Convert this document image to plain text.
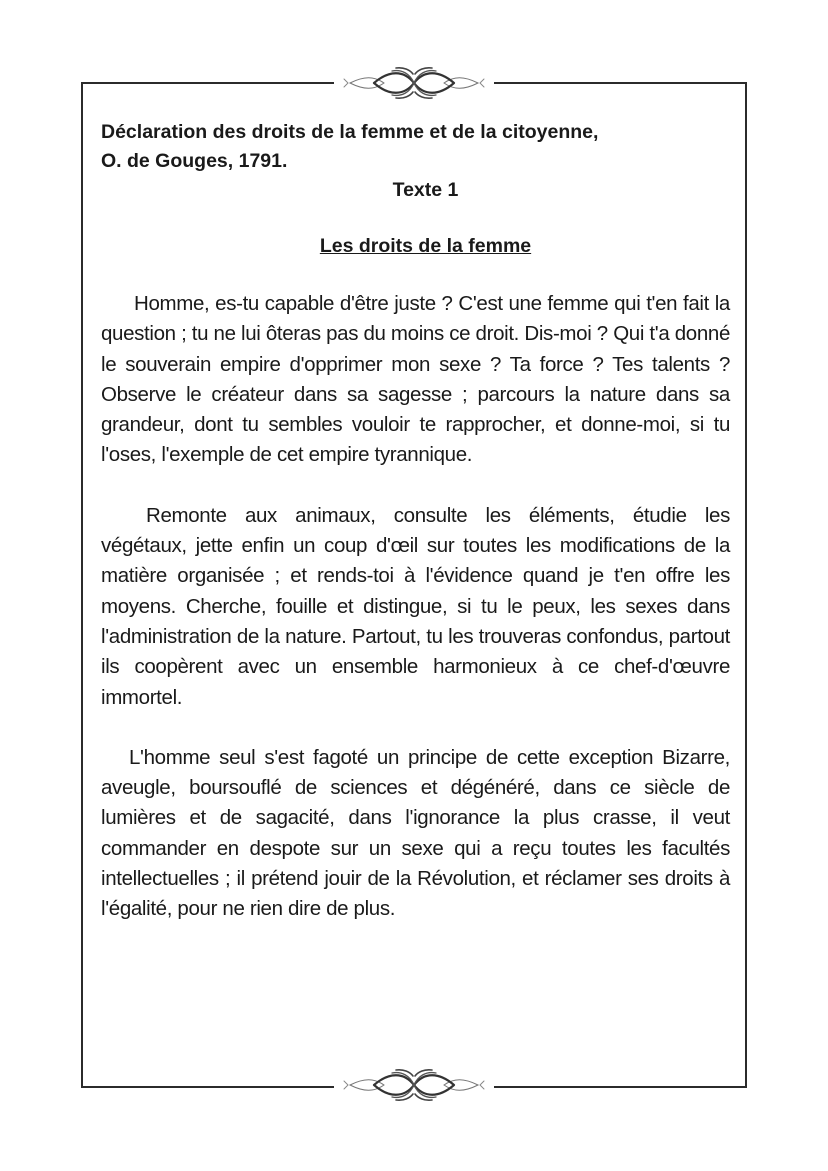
Déclaration des droits de la femme et de la citoyenne,

O. de Gouges, 1791.

Texte 1

Les droits de la femme

Homme, es-tu capable d'être juste ? C'est une femme qui t'en fait la question ; tu ne lui ôteras pas du moins ce droit. Dis-moi ? Qui t'a donné le souverain empire d'opprimer mon sexe ? Ta force ? Tes talents ? Observe le créateur dans sa sagesse ; parcours la nature dans sa grandeur, dont tu sembles vouloir te rapprocher, et donne-moi, si tu l'oses, l'exemple de cet empire tyrannique.

Remonte aux animaux, consulte les éléments, étudie les végétaux, jette enfin un coup d'œil sur toutes les modifications de la matière organisée ; et rends-toi à l'évidence quand je t'en offre les moyens. Cherche, fouille et distingue, si tu le peux, les sexes dans l'administration de la nature. Partout, tu les trouveras confondus, partout ils coopèrent avec un ensemble harmonieux à ce chef-d'œuvre immortel.

L'homme seul s'est fagoté un principe de cette exception Bizarre, aveugle, boursouflé de sciences et dégénéré, dans ce siècle de lumières et de sagacité, dans l'ignorance la plus crasse, il veut commander en despote sur un sexe qui a reçu toutes les facultés intellectuelles ; il prétend jouir de la Révolution, et réclamer ses droits à l'égalité, pour ne rien dire de plus.
